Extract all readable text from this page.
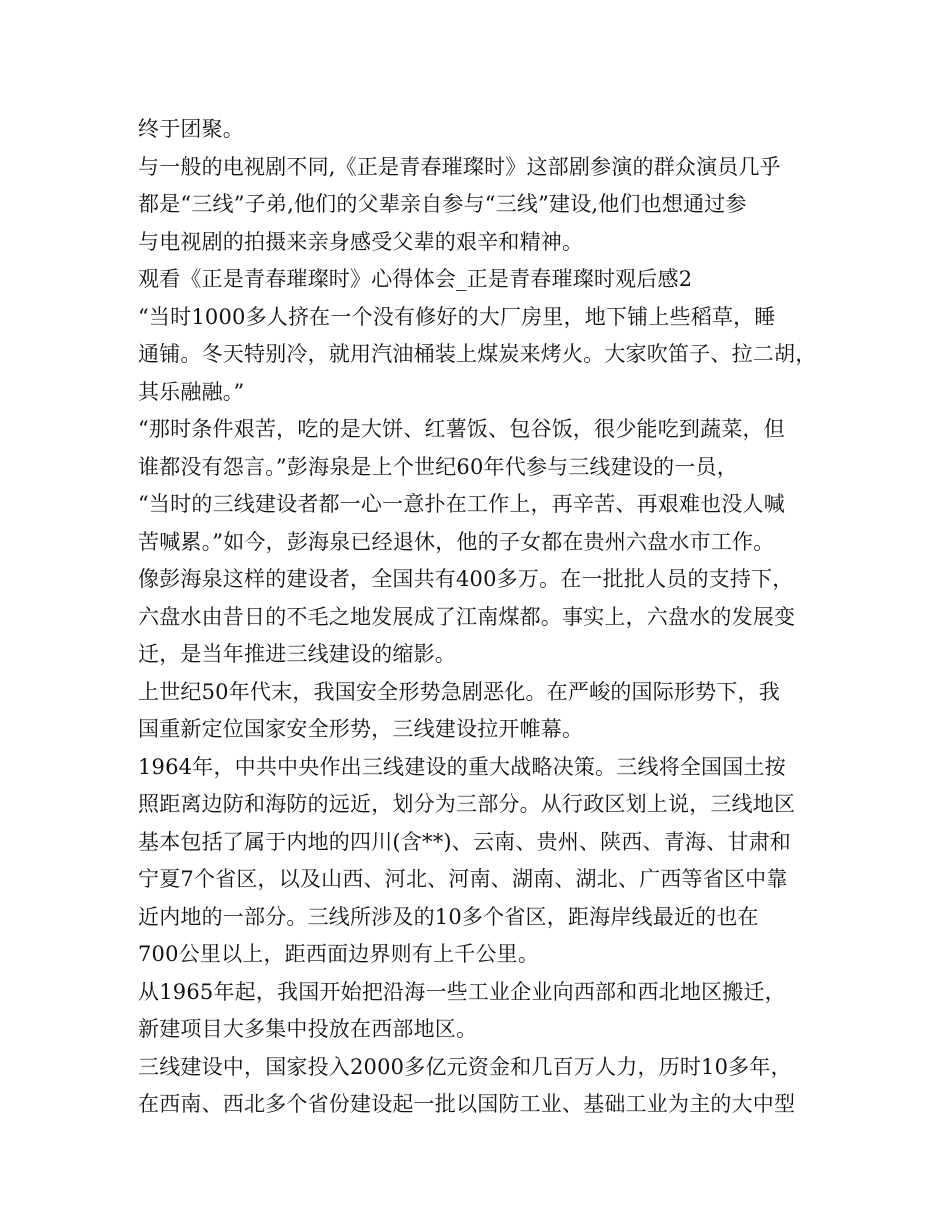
终于团聚。
与一般的电视剧不同,《正是青春璀璨时》这部剧参演的群众演员几乎
都是“三线”子弟,他们的父辈亲自参与“三线”建设,他们也想通过参
与电视剧的拍摄来亲身感受父辈的艰辛和精神。
观看《正是青春璀璨时》心得体会_正是青春璀璨时观后感2
“当时1000多人挤在一个没有修好的大厂房里，地下铺上些稻草，睡
通铺。冬天特别冷，就用汽油桶装上煤炭来烤火。大家吹笛子、拉二胡，
其乐融融。”
“那时条件艰苦，吃的是大饼、红薯饭、包谷饭，很少能吃到蔬菜，但
谁都没有怨言。”彭海泉是上个世纪60年代参与三线建设的一员，
“当时的三线建设者都一心一意扑在工作上，再辛苦、再艰难也没人喊
苦喊累。”如今，彭海泉已经退休，他的子女都在贵州六盘水市工作。
像彭海泉这样的建设者，全国共有400多万。在一批批人员的支持下，
六盘水由昔日的不毛之地发展成了江南煤都。事实上，六盘水的发展变
迁，是当年推进三线建设的缩影。
上世纪50年代末，我国安全形势急剧恶化。在严峻的国际形势下，我
国重新定位国家安全形势，三线建设拉开帷幕。
1964年，中共中央作出三线建设的重大战略决策。三线将全国国土按
照距离边防和海防的远近，划分为三部分。从行政区划上说，三线地区
基本包括了属于内地的四川(含**)、云南、贵州、陕西、青海、甘肃和
宁夏7个省区，以及山西、河北、河南、湖南、湖北、广西等省区中靠
近内地的一部分。三线所涉及的10多个省区，距海岸线最近的也在
700公里以上，距西面边界则有上千公里。
从1965年起，我国开始把沿海一些工业企业向西部和西北地区搬迁，
新建项目大多集中投放在西部地区。
三线建设中，国家投入2000多亿元资金和几百万人力，历时10多年，
在西南、西北多个省份建设起一批以国防工业、基础工业为主的大中型
